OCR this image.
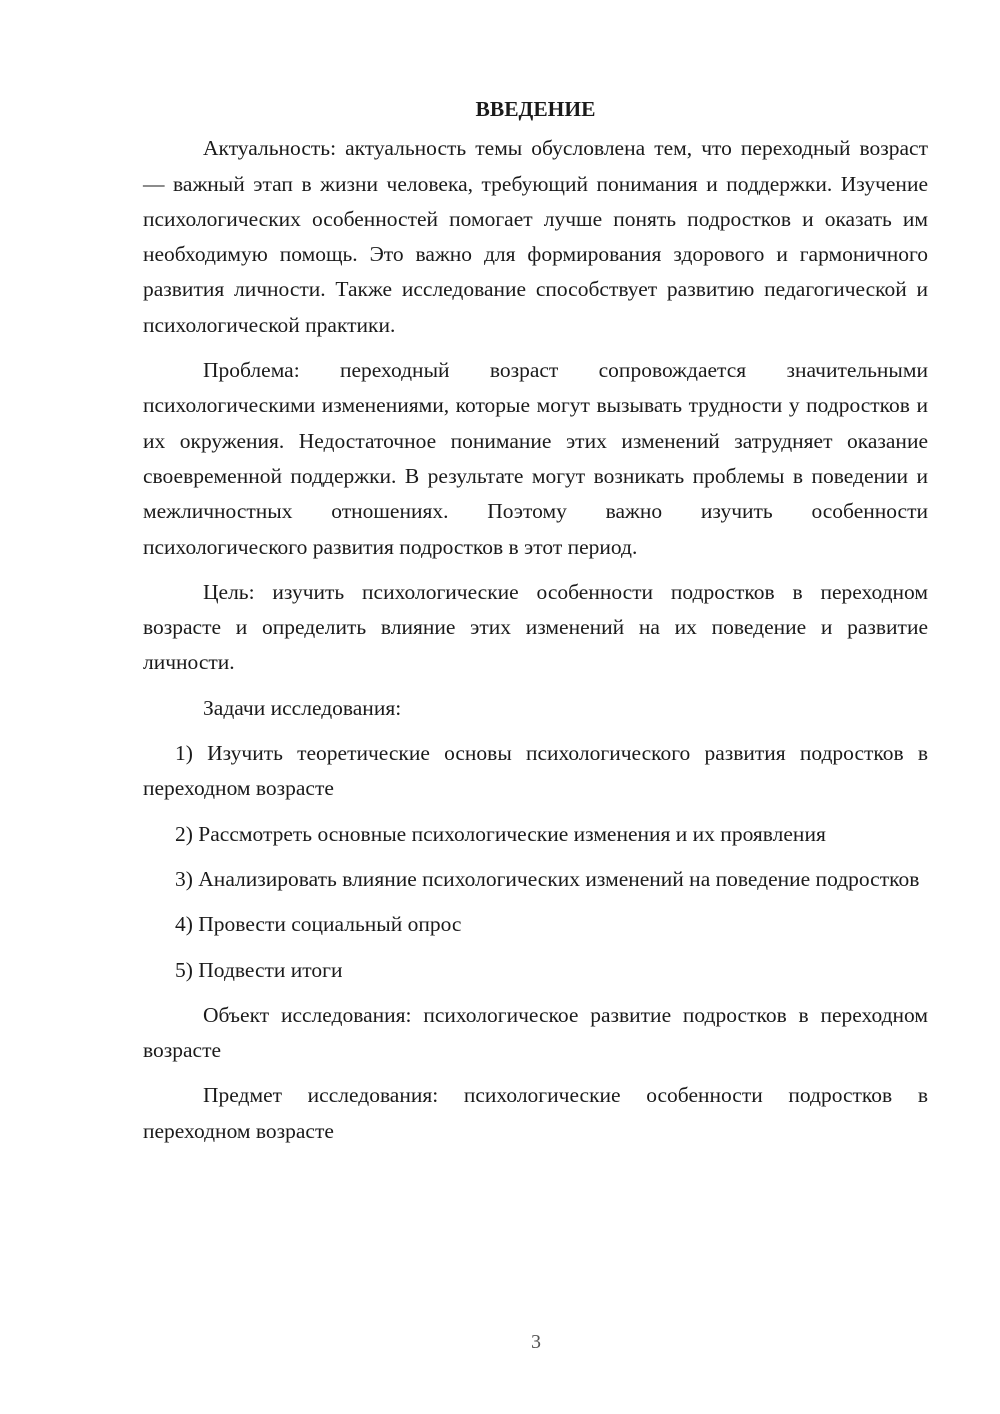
ВВЕДЕНИЕ

Актуальность: актуальность темы обусловлена тем, что переходный возраст — важный этап в жизни человека, требующий понимания и поддержки. Изучение психологических особенностей помогает лучше понять подростков и оказать им необходимую помощь. Это важно для формирования здорового и гармоничного развития личности. Также исследование способствует развитию педагогической и психологической практики.

Проблема: переходный возраст сопровождается значительными психологическими изменениями, которые могут вызывать трудности у подростков и их окружения. Недостаточное понимание этих изменений затрудняет оказание своевременной поддержки. В результате могут возникать проблемы в поведении и межличностных отношениях. Поэтому важно изучить особенности психологического развития подростков в этот период.

Цель: изучить психологические особенности подростков в переходном возрасте и определить влияние этих изменений на их поведение и развитие личности.

Задачи исследования:

1) Изучить теоретические основы психологического развития подростков в переходном возрасте

2) Рассмотреть основные психологические изменения и их проявления

3) Анализировать влияние психологических изменений на поведение подростков

4) Провести социальный опрос

5) Подвести итоги

Объект исследования: психологическое развитие подростков в переходном возрасте

Предмет исследования: психологические особенности подростков в переходном возрасте

3
